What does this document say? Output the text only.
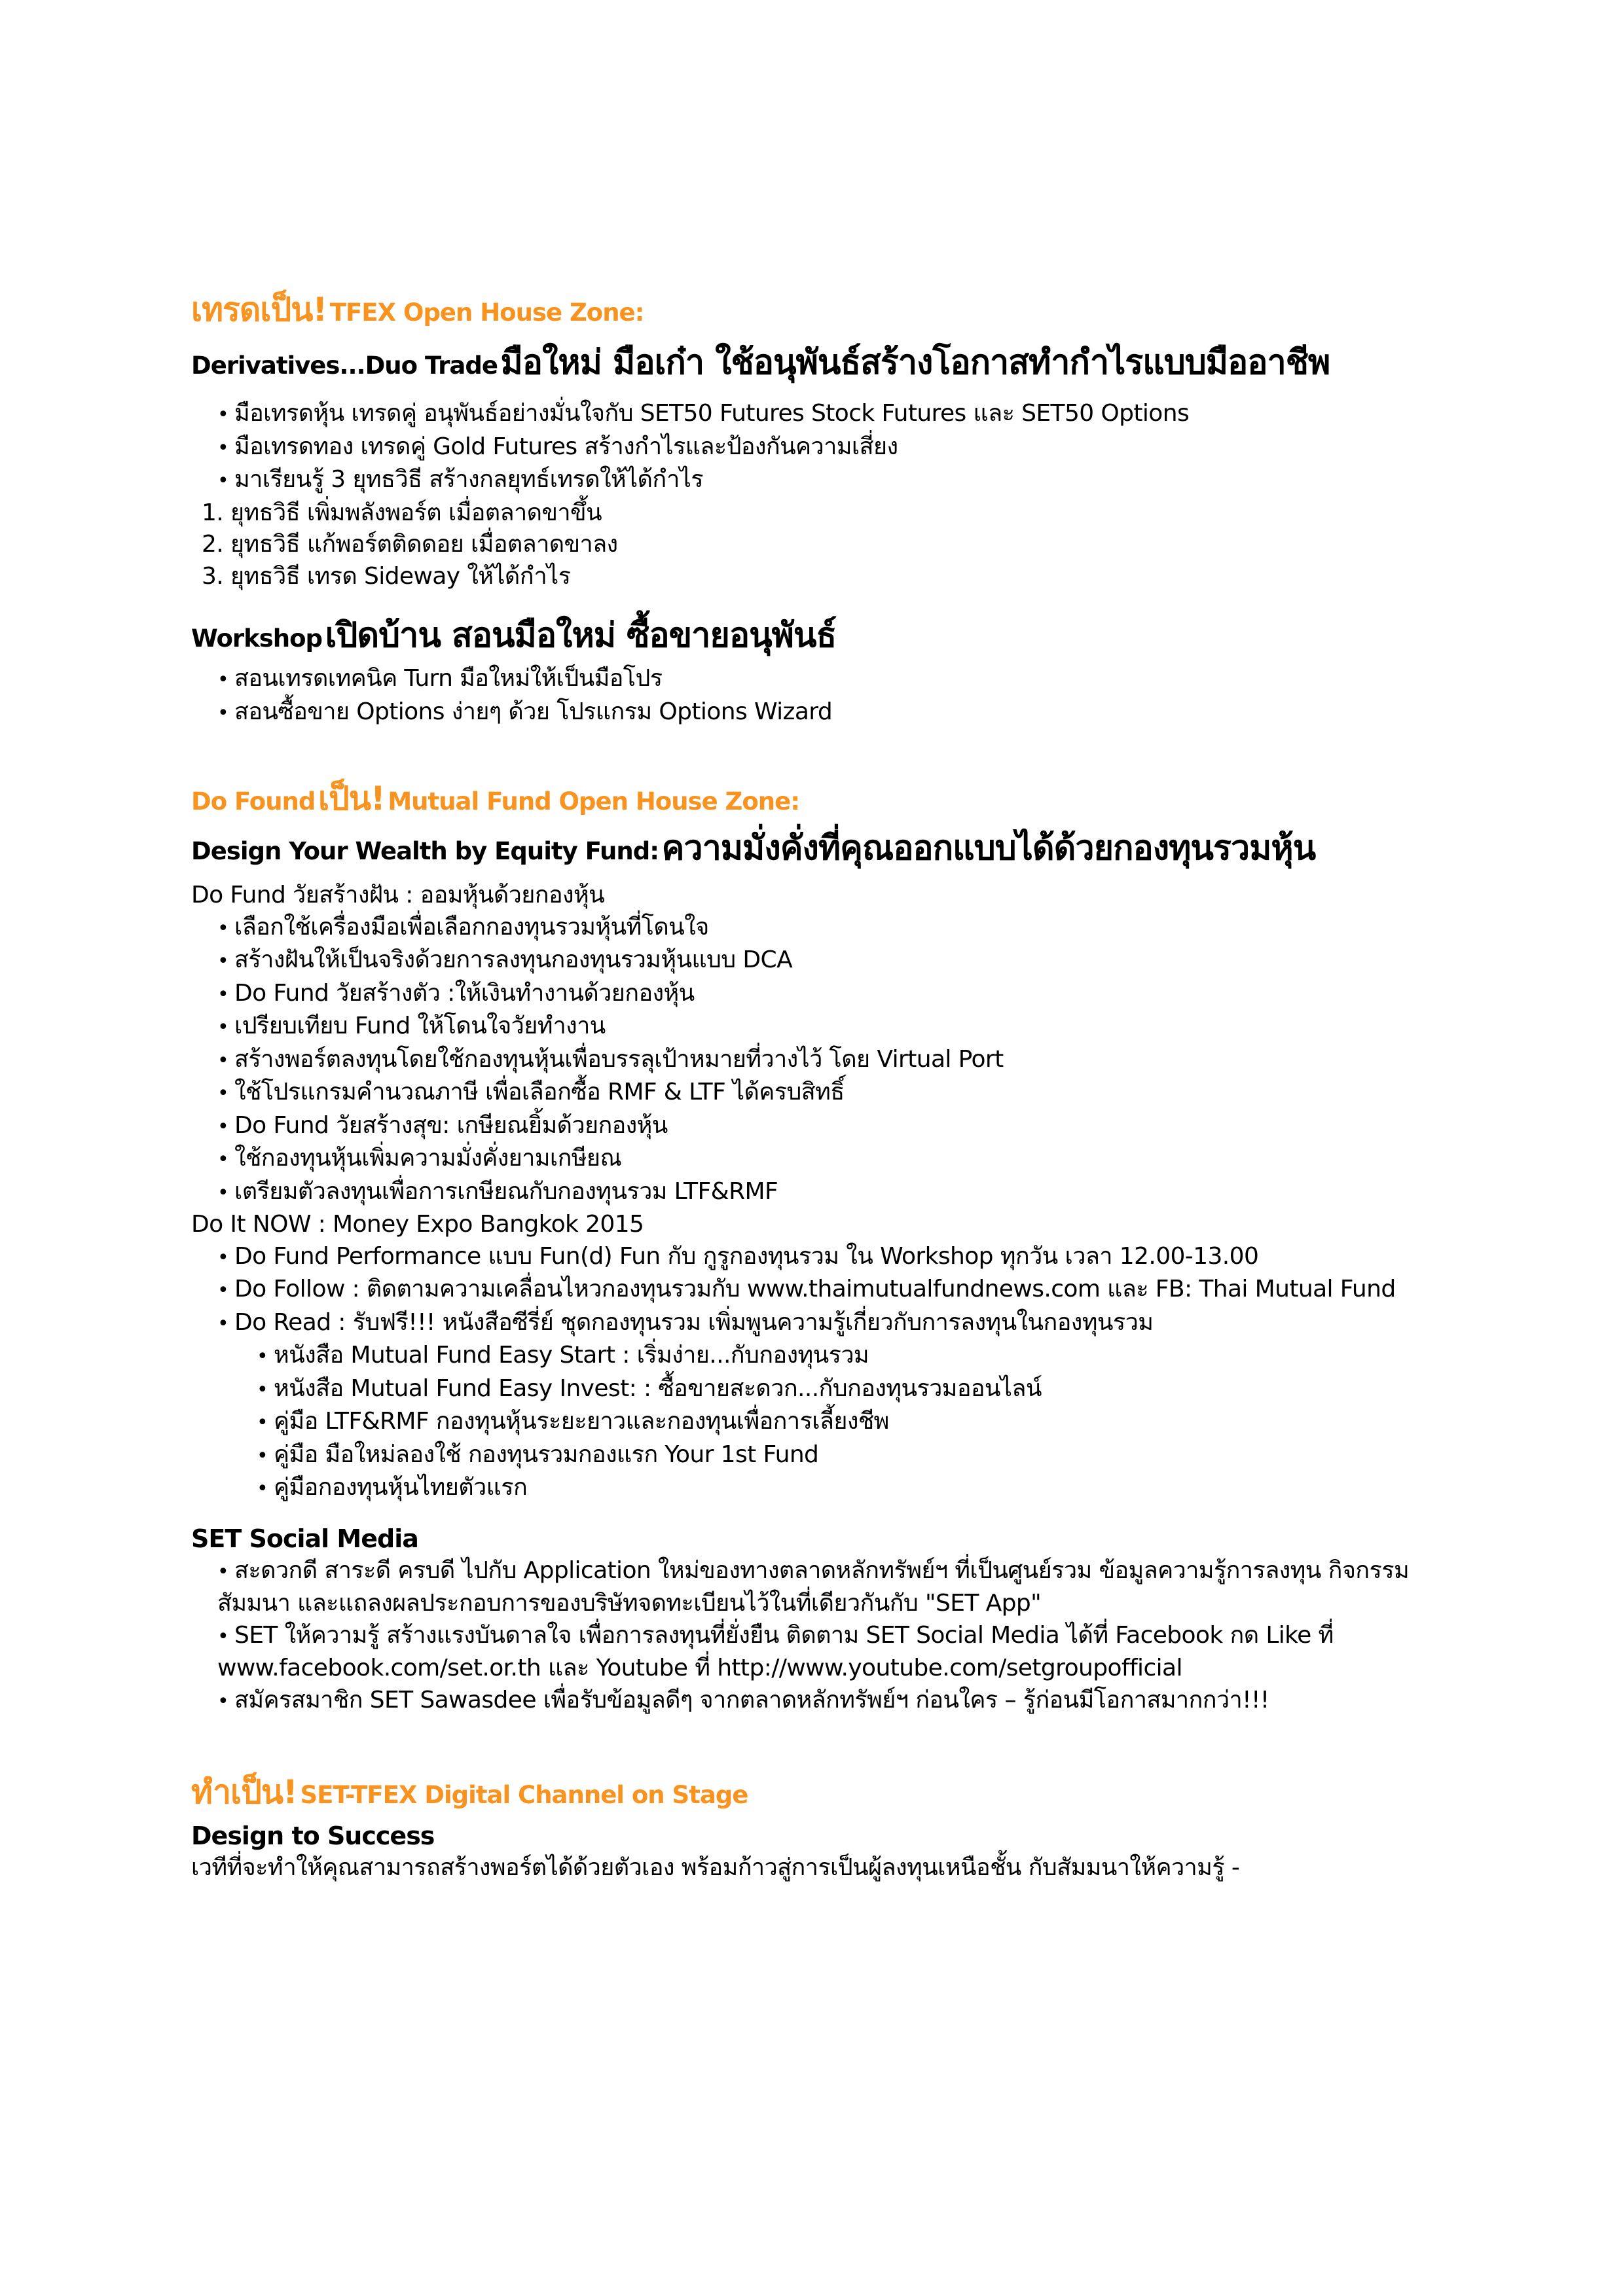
เทรดเป็น! TFEX Open House Zone:
Derivatives...Duo Trade มือใหม่ มือเก๋า ใช้อนุพันธ์สร้างโอกาสทำกำไรแบบมืออาชีพ
• มือเทรดหุ้น เทรดคู่ อนุพันธ์อย่างมั่นใจกับ SET50 Futures Stock Futures และ SET50 Options
• มือเทรดทอง เทรดคู่ Gold Futures สร้างกำไรและป้องกันความเสี่ยง
• มาเรียนรู้ 3 ยุทธวิธี สร้างกลยุทธ์เทรดให้ได้กำไร
1. ยุทธวิธี เพิ่มพลังพอร์ต เมื่อตลาดขาขึ้น
2. ยุทธวิธี แก้พอร์ตติดดอย เมื่อตลาดขาลง
3. ยุทธวิธี เทรด Sideway ให้ได้กำไร
Workshop เปิดบ้าน สอนมือใหม่ ซื้อขายอนุพันธ์
• สอนเทรดเทคนิค Turn มือใหม่ให้เป็นมือโปร
• สอนซื้อขาย Options ง่ายๆ ด้วย โปรแกรม Options Wizard
Do Found เป็น! Mutual Fund Open House Zone:
Design Your Wealth by Equity Fund: ความมั่งคั่งที่คุณออกแบบได้ด้วยกองทุนรวมหุ้น
Do Fund วัยสร้างฝัน : ออมหุ้นด้วยกองหุ้น
• เลือกใช้เครื่องมือเพื่อเลือกกองทุนรวมหุ้นที่โดนใจ
• สร้างฝันให้เป็นจริงด้วยการลงทุนกองทุนรวมหุ้นแบบ DCA
• Do Fund วัยสร้างตัว :ให้เงินทำงานด้วยกองหุ้น
• เปรียบเทียบ Fund ให้โดนใจวัยทำงาน
• สร้างพอร์ตลงทุนโดยใช้กองทุนหุ้นเพื่อบรรลุเป้าหมายที่วางไว้ โดย Virtual Port
• ใช้โปรแกรมคำนวณภาษี เพื่อเลือกซื้อ RMF & LTF ได้ครบสิทธิ์
• Do Fund วัยสร้างสุข: เกษียณยิ้มด้วยกองหุ้น
• ใช้กองทุนหุ้นเพิ่มความมั่งคั่งยามเกษียณ
• เตรียมตัวลงทุนเพื่อการเกษียณกับกองทุนรวม LTF&RMF
Do It NOW : Money Expo Bangkok 2015
• Do Fund Performance แบบ Fun(d) Fun กับ กูรูกองทุนรวม ใน Workshop ทุกวัน เวลา 12.00-13.00
• Do Follow : ติดตามความเคลื่อนไหวกองทุนรวมกับ www.thaimutualfundnews.com และ FB: Thai Mutual Fund
• Do Read : รับฟรี!!! หนังสือซีรี่ย์ ชุดกองทุนรวม เพิ่มพูนความรู้เกี่ยวกับการลงทุนในกองทุนรวม
• หนังสือ Mutual Fund Easy Start : เริ่มง่าย...กับกองทุนรวม
• หนังสือ Mutual Fund Easy Invest: : ซื้อขายสะดวก...กับกองทุนรวมออนไลน์
• คู่มือ LTF&RMF กองทุนหุ้นระยะยาวและกองทุนเพื่อการเลี้ยงชีพ
• คู่มือ มือใหม่ลองใช้ กองทุนรวมกองแรก Your 1st Fund
• คู่มือกองทุนหุ้นไทยตัวแรก
SET Social Media
• สะดวกดี สาระดี ครบดี ไปกับ Application ใหม่ของทางตลาดหลักทรัพย์ฯ ที่เป็นศูนย์รวม ข้อมูลความรู้การลงทุน กิจกรรมสัมมนา และแถลงผลประกอบการของบริษัทจดทะเบียนไว้ในที่เดียวกันกับ "SET App"
• SET ให้ความรู้ สร้างแรงบันดาลใจ เพื่อการลงทุนที่ยั่งยืน ติดตาม SET Social Media ได้ที่ Facebook กด Like ที่ www.facebook.com/set.or.th และ Youtube ที่ http://www.youtube.com/setgroupofficial
• สมัครสมาชิก SET Sawasdee เพื่อรับข้อมูลดีๆ จากตลาดหลักทรัพย์ฯ ก่อนใคร – รู้ก่อนมีโอกาสมากกว่า!!!
ทำเป็น! SET-TFEX Digital Channel on Stage
Design to Success
เวทีที่จะทำให้คุณสามารถสร้างพอร์ตได้ด้วยตัวเอง พร้อมก้าวสู่การเป็นผู้ลงทุนเหนือชั้น กับสัมมนาให้ความรู้ -
